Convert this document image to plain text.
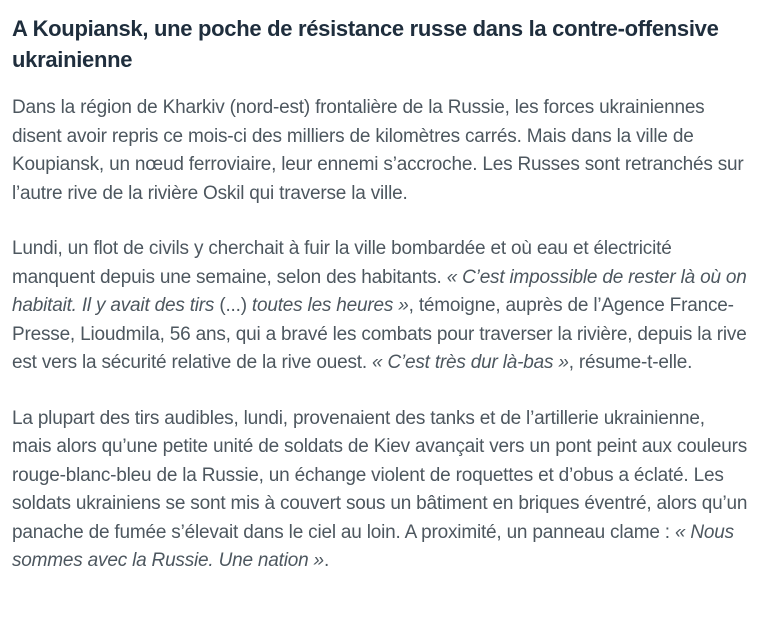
A Koupiansk, une poche de résistance russe dans la contre-offensive ukrainienne

Dans la région de Kharkiv (nord-est) frontalière de la Russie, les forces ukrainiennes disent avoir repris ce mois-ci des milliers de kilomètres carrés. Mais dans la ville de Koupiansk, un nœud ferroviaire, leur ennemi s’accroche. Les Russes sont retranchés sur l’autre rive de la rivière Oskil qui traverse la ville.

Lundi, un flot de civils y cherchait à fuir la ville bombardée et où eau et électricité manquent depuis une semaine, selon des habitants. « C’est impossible de rester là où on habitait. Il y avait des tirs (...) toutes les heures », témoigne, auprès de l’Agence France-Presse, Lioudmila, 56 ans, qui a bravé les combats pour traverser la rivière, depuis la rive est vers la sécurité relative de la rive ouest. « C’est très dur là-bas », résume-t-elle.

La plupart des tirs audibles, lundi, provenaient des tanks et de l’artillerie ukrainienne, mais alors qu’une petite unité de soldats de Kiev avançait vers un pont peint aux couleurs rouge-blanc-bleu de la Russie, un échange violent de roquettes et d’obus a éclaté. Les soldats ukrainiens se sont mis à couvert sous un bâtiment en briques éventré, alors qu’un panache de fumée s’élevait dans le ciel au loin. A proximité, un panneau clame : « Nous sommes avec la Russie. Une nation ».
